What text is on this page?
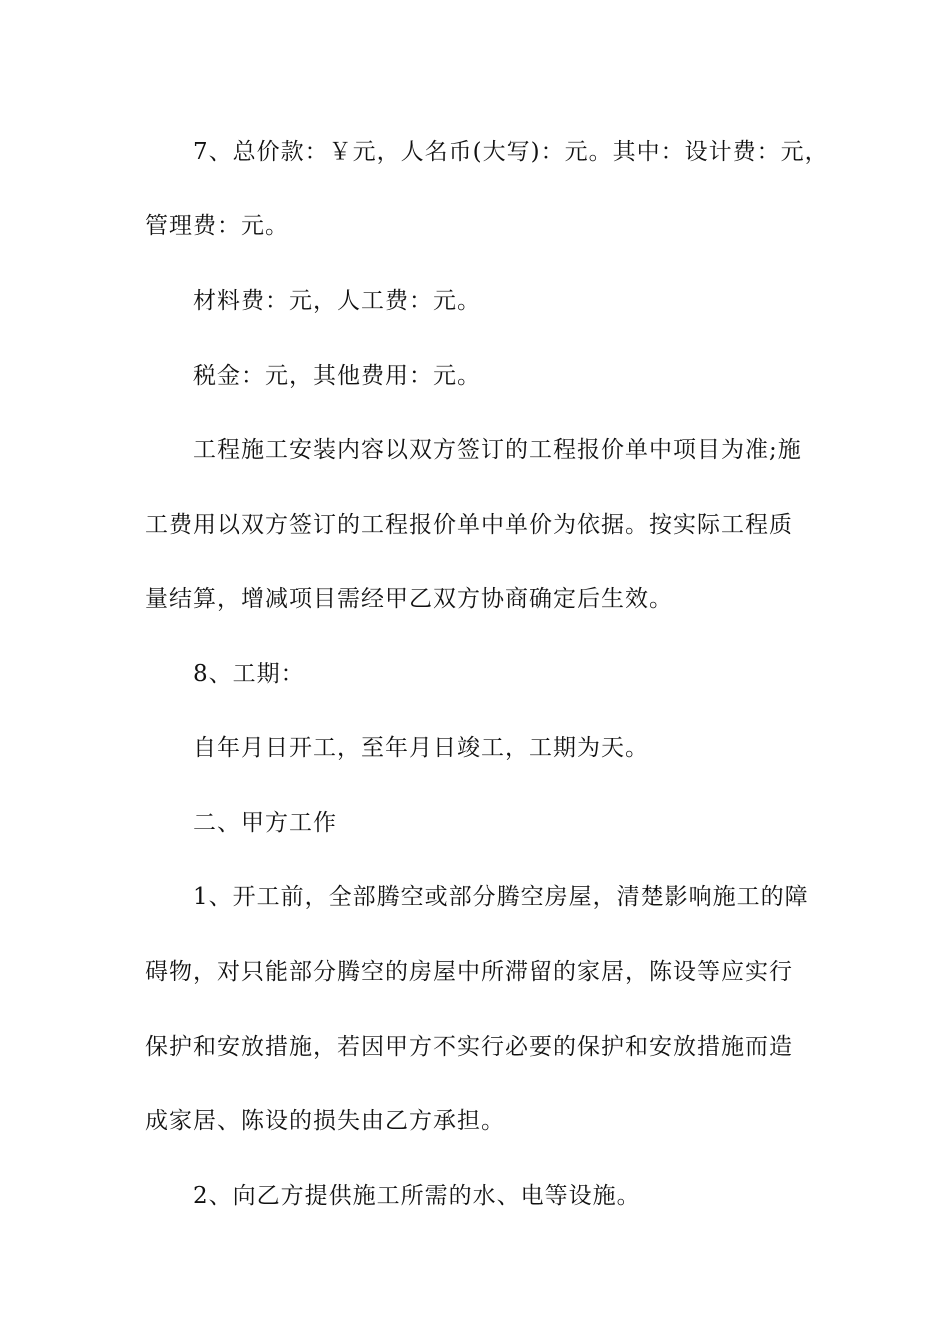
7、总价款：￥元，人名币(大写)：元。其中：设计费：元，
管理费：元。
材料费：元，人工费：元。
税金：元，其他费用：元。
工程施工安装内容以双方签订的工程报价单中项目为准;施
工费用以双方签订的工程报价单中单价为依据。按实际工程质
量结算，增减项目需经甲乙双方协商确定后生效。
8、工期：
自年月日开工，至年月日竣工，工期为天。
二、甲方工作
1、开工前，全部腾空或部分腾空房屋，清楚影响施工的障
碍物，对只能部分腾空的房屋中所滞留的家居，陈设等应实行
保护和安放措施，若因甲方不实行必要的保护和安放措施而造
成家居、陈设的损失由乙方承担。
2、向乙方提供施工所需的水、电等设施。
